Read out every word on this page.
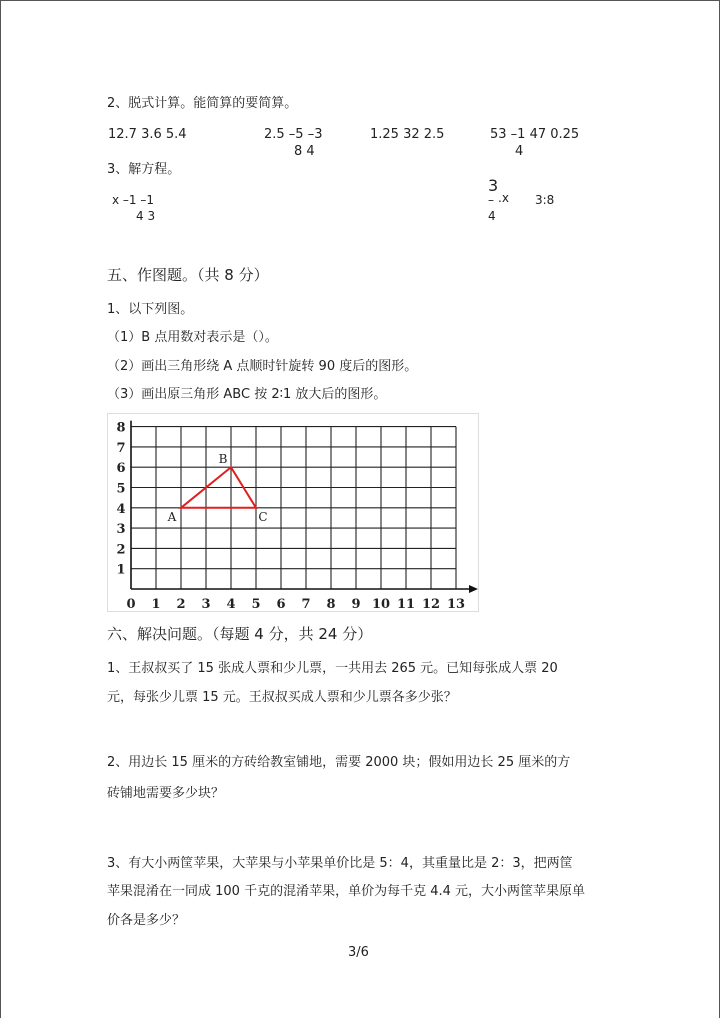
2、脱式计算。能简算的要简算。
12.7 3.6 5.4	2.5 –5 –3
8 4
1.25 32 2.5	53 –1 47 0.25
4
3、解方程。
x –1 –1
4 3
3
– .x 3:8
4
五、作图题。（共 8 分）
1、以下列图。
（1）B 点用数对表示是（）。
（2）画出三角形绕 A 点顺时针旋转 90 度后的图形。
（3）画出原三角形 ABC 按 2∶1 放大后的图形。
0 1 2 3 4 5 6 7 8 9 10 11 12 13
1
2
3
4
5
6
7
8
A
B
C
六、解决问题。（每题 4 分，共 24 分）
1、王叔叔买了 15 张成人票和少儿票，一共用去 265 元。已知每张成人票 20
元，每张少儿票 15 元。王叔叔买成人票和少儿票各多少张？
2、用边长 15 厘米的方砖给教室铺地，需要 2000 块；假如用边长 25 厘米的方
砖铺地需要多少块？
3、有大小两筐苹果，大苹果与小苹果单价比是 5：4，其重量比是 2：3，把两筐
苹果混淆在一同成 100 千克的混淆苹果，单价为每千克 4.4 元，大小两筐苹果原单
价各是多少？
3/6
